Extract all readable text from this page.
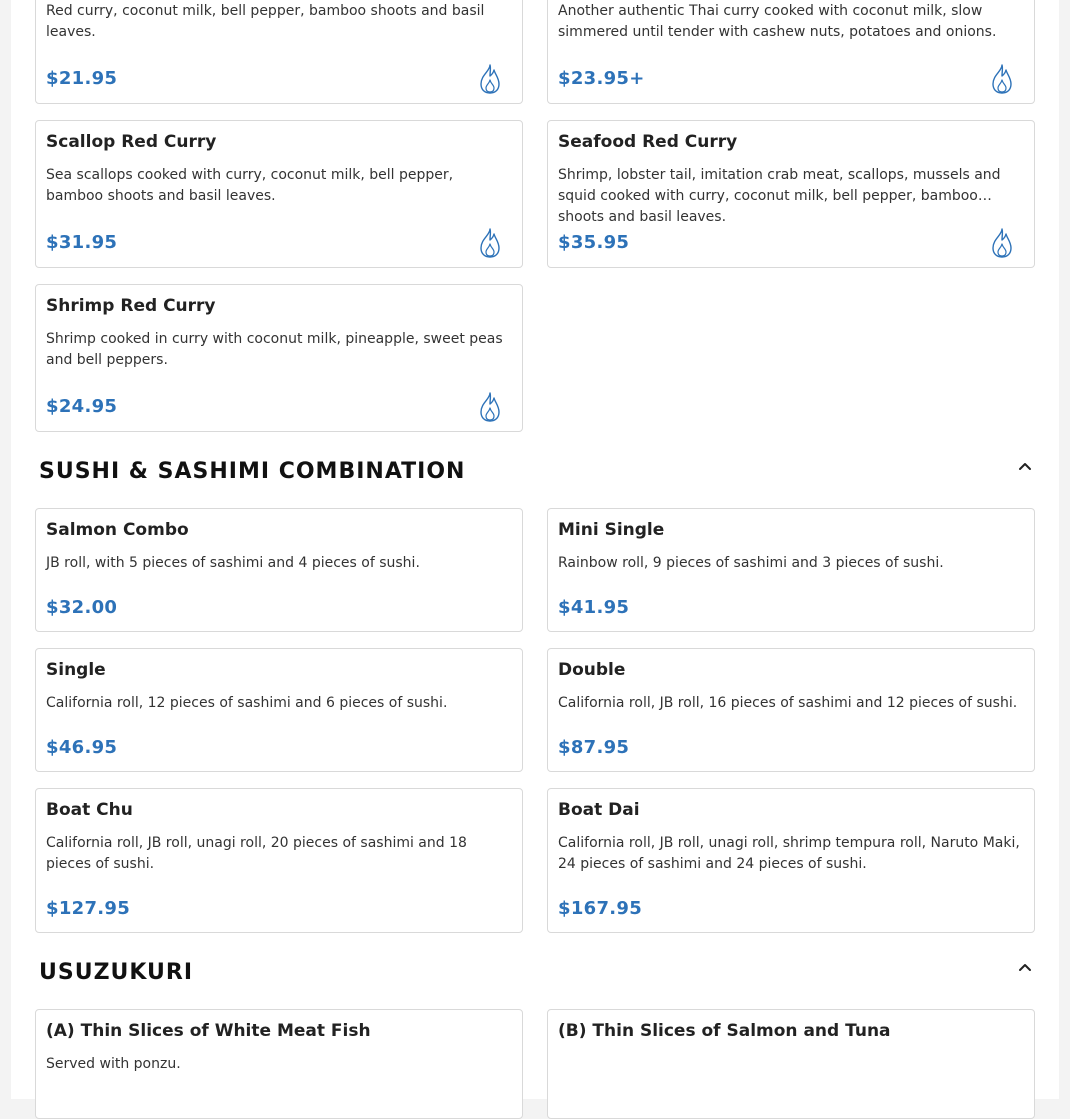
Red curry, coconut milk, bell pepper, bamboo shoots and basil leaves.
$21.95
Another authentic Thai curry cooked with coconut milk, slow simmered until tender with cashew nuts, potatoes and onions.
$23.95+
Scallop Red Curry
Sea scallops cooked with curry, coconut milk, bell pepper, bamboo shoots and basil leaves.
$31.95
Seafood Red Curry
Shrimp, lobster tail, imitation crab meat, scallops, mussels and squid cooked with curry, coconut milk, bell pepper, bamboo shoots and basil leaves.
$35.95
Shrimp Red Curry
Shrimp cooked in curry with coconut milk, pineapple, sweet peas and bell peppers.
$24.95
SUSHI & SASHIMI COMBINATION
Salmon Combo
JB roll, with 5 pieces of sashimi and 4 pieces of sushi.
$32.00
Mini Single
Rainbow roll, 9 pieces of sashimi and 3 pieces of sushi.
$41.95
Single
California roll, 12 pieces of sashimi and 6 pieces of sushi.
$46.95
Double
California roll, JB roll, 16 pieces of sashimi and 12 pieces of sushi.
$87.95
Boat Chu
California roll, JB roll, unagi roll, 20 pieces of sashimi and 18 pieces of sushi.
$127.95
Boat Dai
California roll, JB roll, unagi roll, shrimp tempura roll, Naruto Maki, 24 pieces of sashimi and 24 pieces of sushi.
$167.95
USUZUKURI
(A) Thin Slices of White Meat Fish
Served with ponzu.
(B) Thin Slices of Salmon and Tuna
